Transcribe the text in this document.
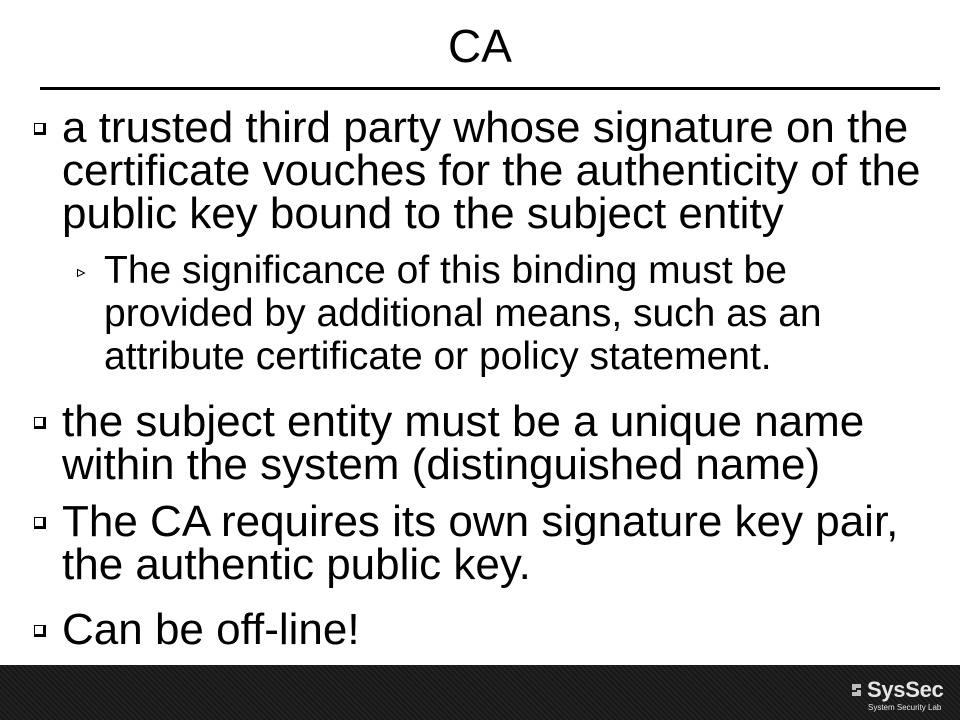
CA
a trusted third party whose signature on the certificate vouches for the authenticity of the public key bound to the subject entity
The significance of this binding must be provided by additional means, such as an attribute certificate or policy statement.
the subject entity must be a unique name within the system (distinguished name)
The CA requires its own signature key pair, the authentic public key.
Can be off-line!
SysSec
System Security Lab
